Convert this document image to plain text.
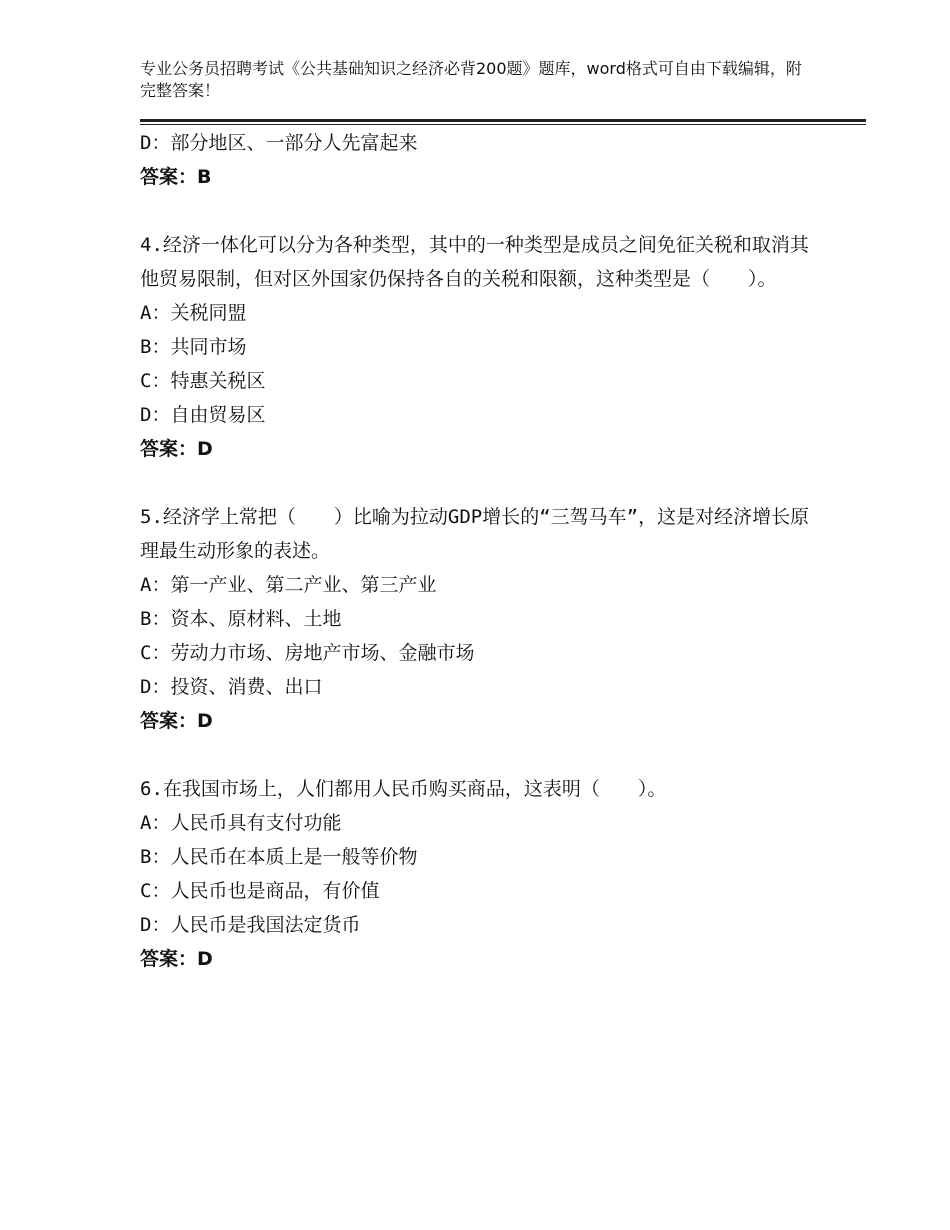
专业公务员招聘考试《公共基础知识之经济必背200题》题库，word格式可自由下载编辑，附完整答案！
D：部分地区、一部分人先富起来
答案：B
4.经济一体化可以分为各种类型，其中的一种类型是成员之间免征关税和取消其他贸易限制，但对区外国家仍保持各自的关税和限额，这种类型是（　　）。
A：关税同盟
B：共同市场
C：特惠关税区
D：自由贸易区
答案：D
5.经济学上常把（　　）比喻为拉动GDP增长的“三驾马车”，这是对经济增长原理最生动形象的表述。
A：第一产业、第二产业、第三产业
B：资本、原材料、土地
C：劳动力市场、房地产市场、金融市场
D：投资、消费、出口
答案：D
6.在我国市场上，人们都用人民币购买商品，这表明（　　）。
A：人民币具有支付功能
B：人民币在本质上是一般等价物
C：人民币也是商品，有价值
D：人民币是我国法定货币
答案：D
